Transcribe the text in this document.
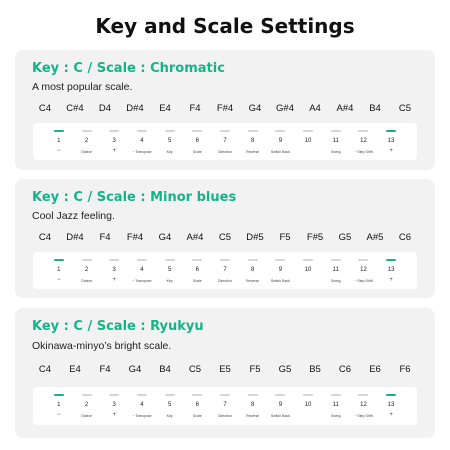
Key and Scale Settings
Key : C / Scale : Chromatic
A most popular scale.
C4	C#4	D4	D#4	E4	F4	F#4	G4	G#4	A4	A#4	B4	C5
1
−
2
Octave
3
+
4
− Transpose
5
Key
6
Scale
7
Direction
8
Reverse
9
Switch Back
10	11
Swing
12
− Step Shift
13
+
Key : C / Scale : Minor blues
Cool Jazz feeling.
C4	D#4	F4	F#4	G4	A#4	C5	D#5	F5	F#5	G5	A#5	C6
1
−
2
Octave
3
+
4
− Transpose
5
Key
6
Scale
7
Direction
8
Reverse
9
Switch Back
10	11
Swing
12
− Step Shift
13
+
Key : C / Scale : Ryukyu
Okinawa-minyo’s bright scale.
C4	E4	F4	G4	B4	C5	E5	F5	G5	B5	C6	E6	F6
1
−
2
Octave
3
+
4
− Transpose
5
Key
6
Scale
7
Direction
8
Reverse
9
Switch Back
10	11
Swing
12
− Step Shift
13
+
